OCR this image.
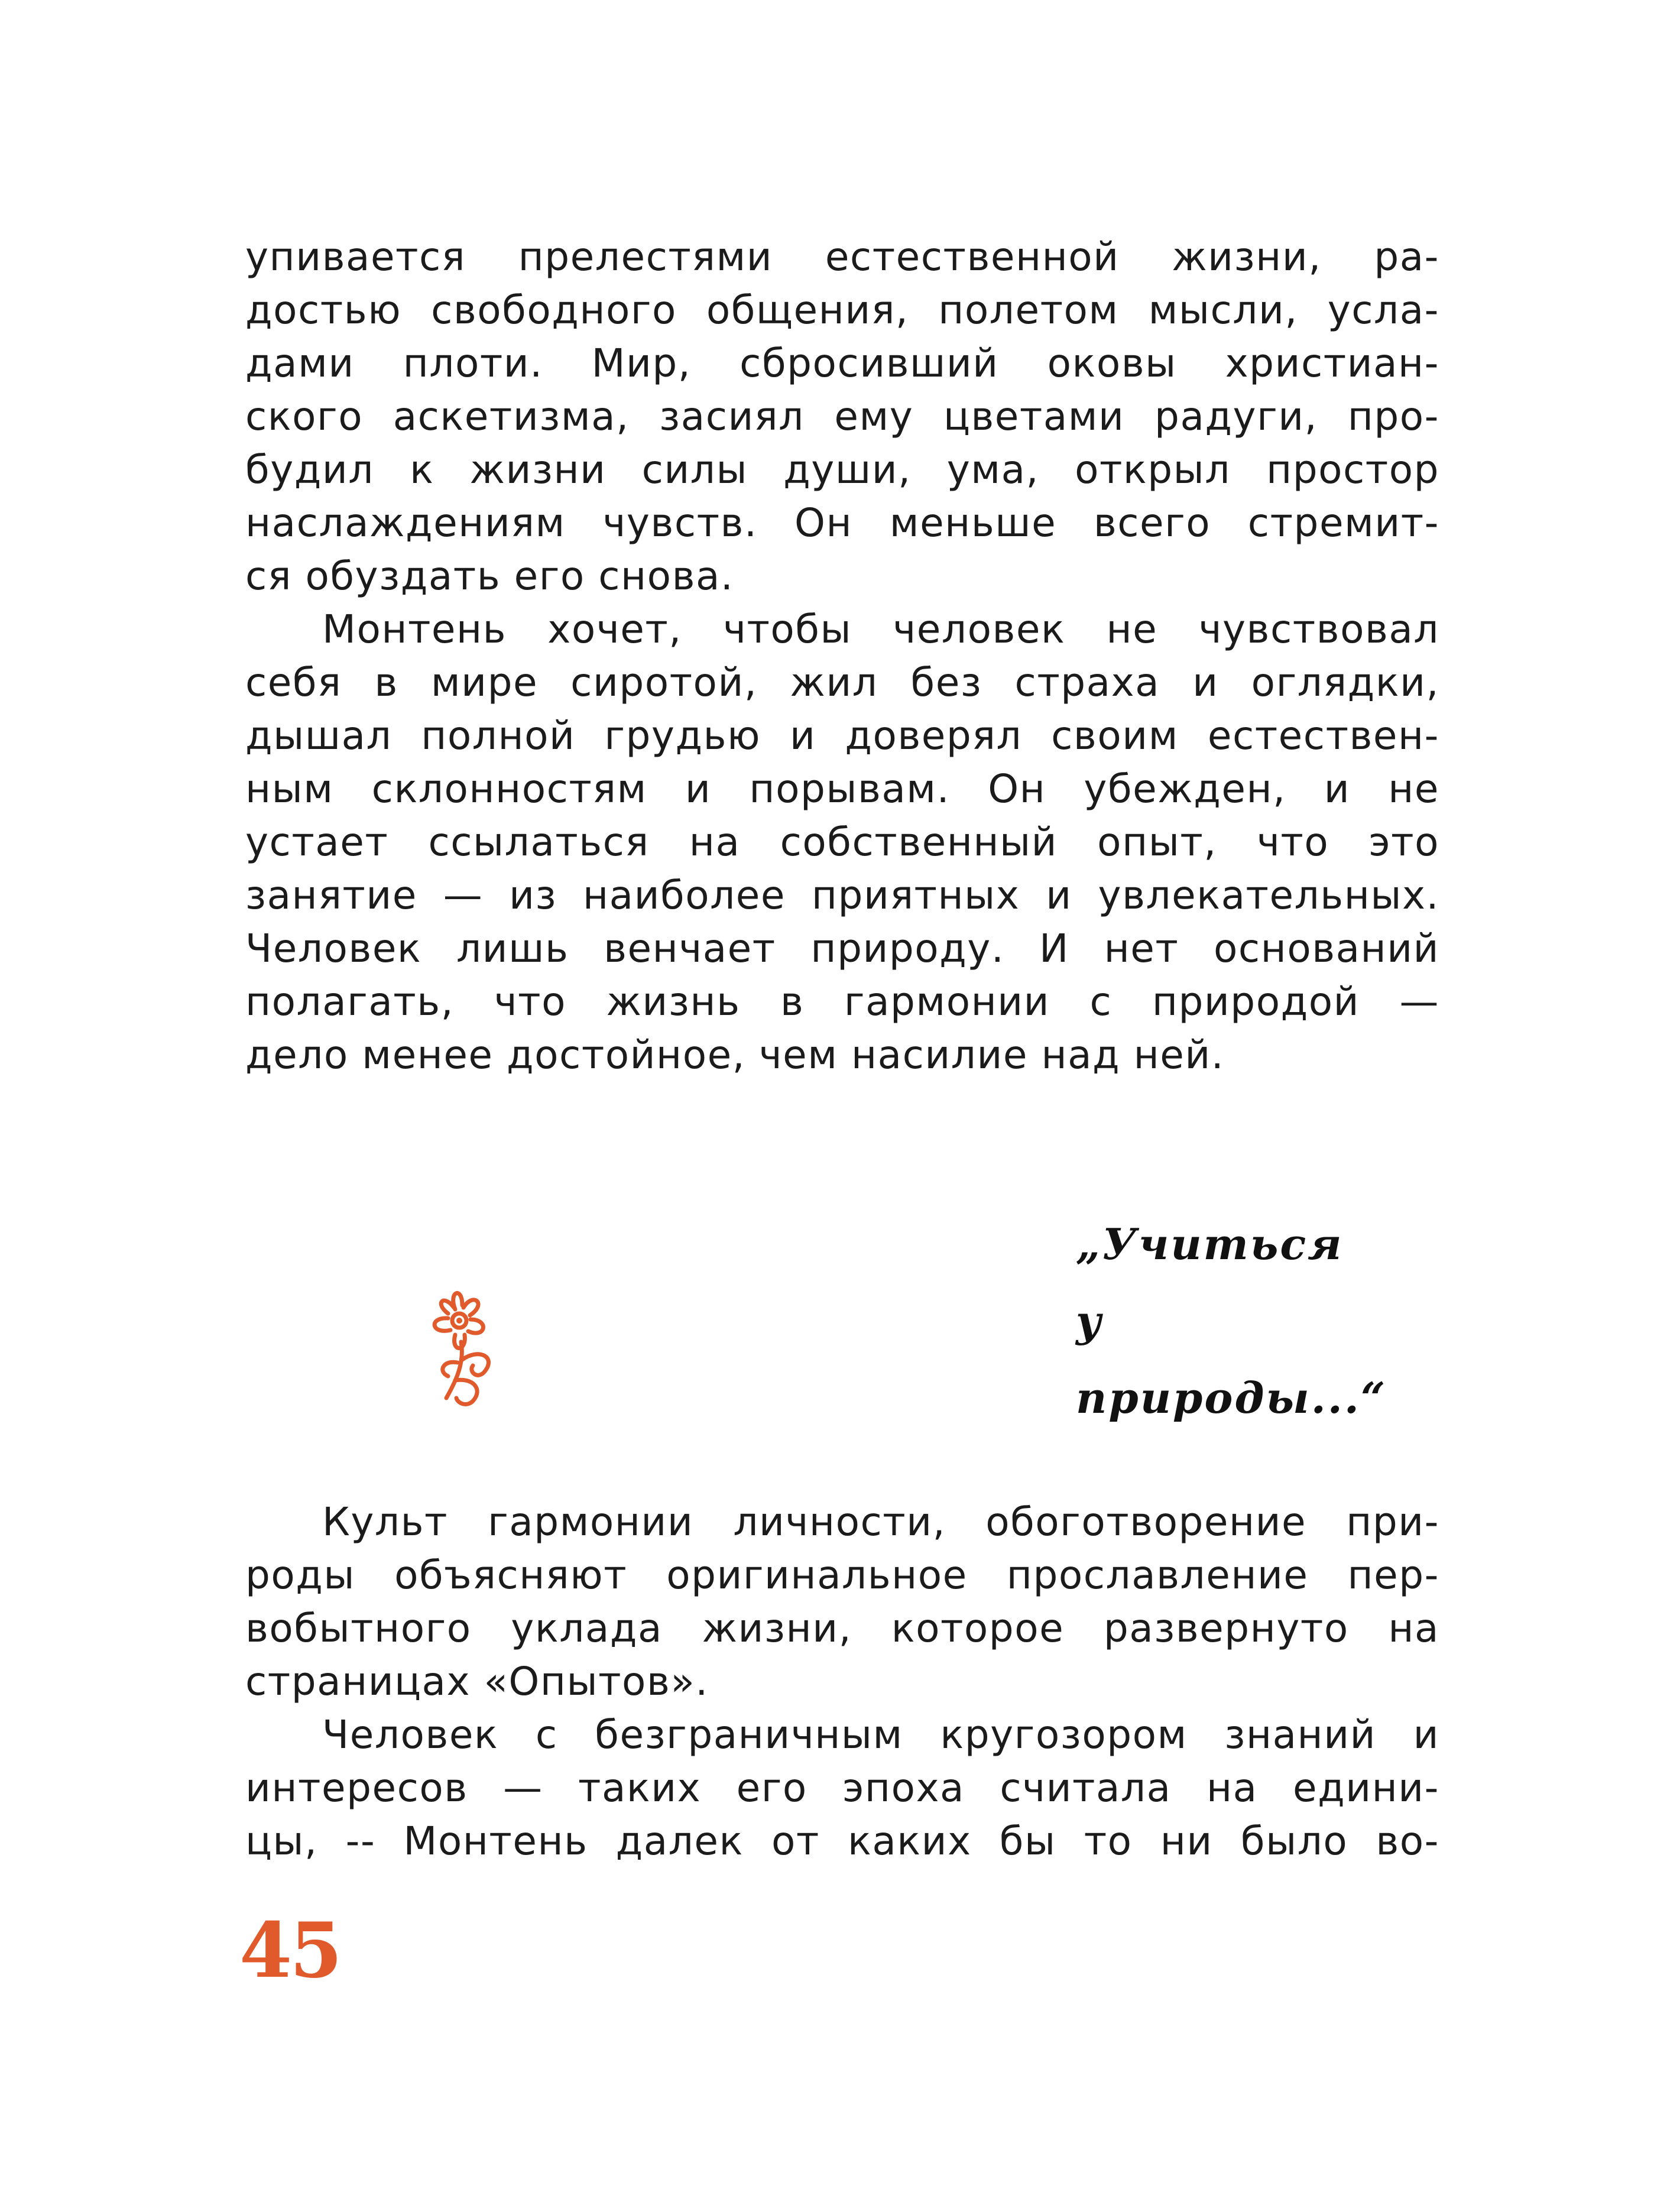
упивается прелестями естественной жизни, ра-
достью свободного общения, полетом мысли, усла-
дами плоти. Мир, сбросивший оковы христиан-
ского аскетизма, засиял ему цветами радуги, про-
будил к жизни силы души, ума, открыл простор
наслаждениям чувств. Он меньше всего стремит-
ся обуздать его снова.
Монтень хочет, чтобы человек не чувствовал
себя в мире сиротой, жил без страха и оглядки,
дышал полной грудью и доверял своим естествен-
ным склонностям и порывам. Он убежден, и не
устает ссылаться на собственный опыт, что это
занятие — из наиболее приятных и увлекательных.
Человек лишь венчает природу. И нет оснований
полагать, что жизнь в гармонии с природой —
дело менее достойное, чем насилие над ней.
„Учиться
у
природы...“
Культ гармонии личности, обоготворение при-
роды объясняют оригинальное прославление пер-
вобытного уклада жизни, которое развернуто на
страницах «Опытов».
Человек с безграничным кругозором знаний и
интересов — таких его эпоха считала на едини-
цы, -- Монтень далек от каких бы то ни было во-
45
